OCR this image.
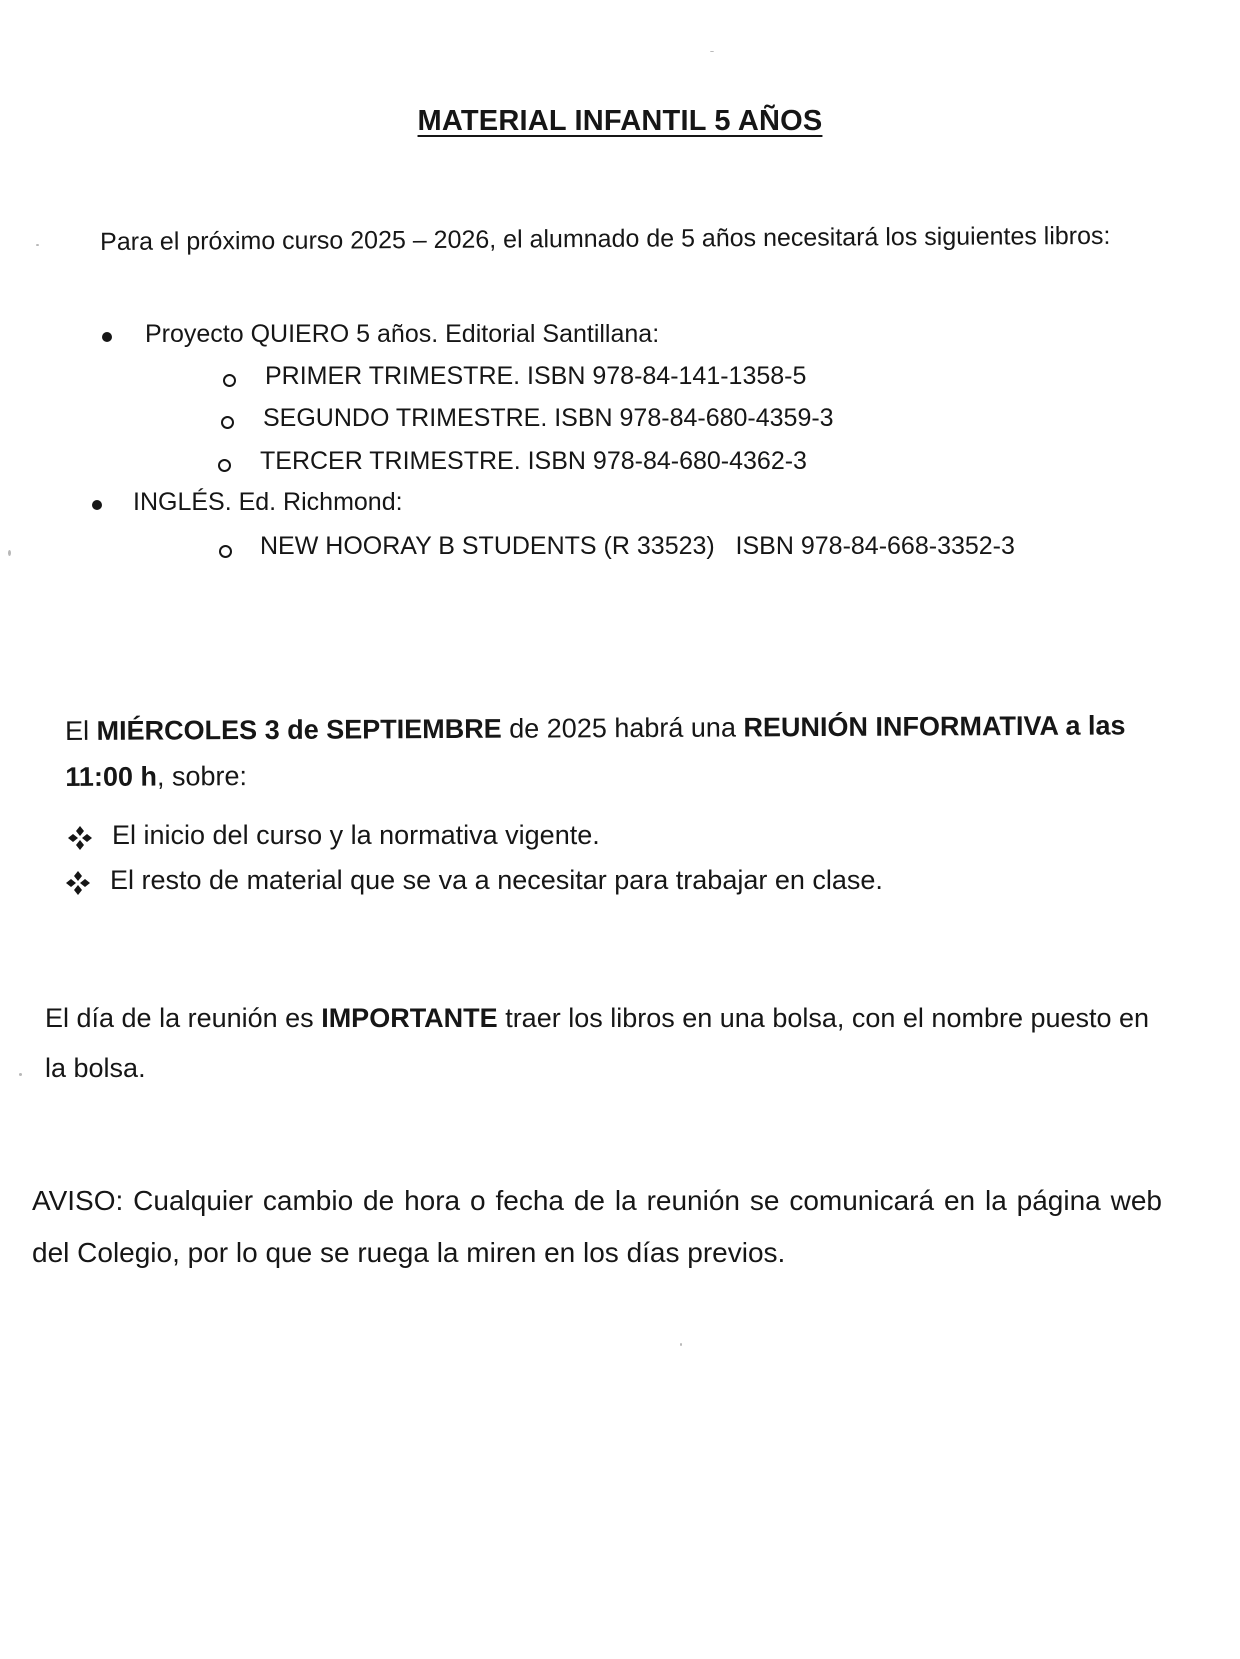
MATERIAL INFANTIL 5 AÑOS
Para el próximo curso 2025 – 2026, el alumnado de 5 años necesitará los siguientes libros:
Proyecto QUIERO 5 años. Editorial Santillana:
PRIMER TRIMESTRE. ISBN 978-84-141-1358-5
SEGUNDO TRIMESTRE. ISBN 978-84-680-4359-3
TERCER TRIMESTRE. ISBN 978-84-680-4362-3
INGLÉS. Ed. Richmond:
NEW HOORAY B STUDENTS (R 33523)   ISBN 978-84-668-3352-3
El MIÉRCOLES 3 de SEPTIEMBRE de 2025 habrá una REUNIÓN INFORMATIVA a las 11:00 h, sobre:
El inicio del curso y la normativa vigente.
El resto de material que se va a necesitar para trabajar en clase.
El día de la reunión es IMPORTANTE traer los libros en una bolsa, con el nombre puesto en la bolsa.
AVISO: Cualquier cambio de hora o fecha de la reunión se comunicará en la página web del Colegio, por lo que se ruega la miren en los días previos.
